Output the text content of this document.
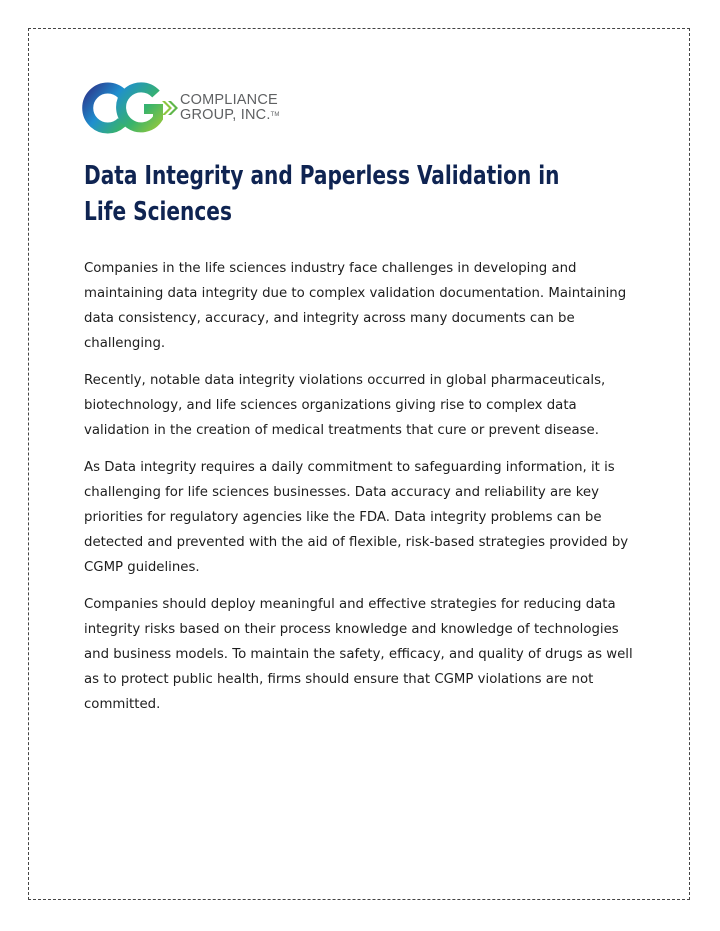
COMPLIANCE
GROUP, INC.™
Data Integrity and Paperless Validation in Life Sciences

Companies in the life sciences industry face challenges in developing and maintaining data integrity due to complex validation documentation. Maintaining data consistency, accuracy, and integrity across many documents can be challenging.

Recently, notable data integrity violations occurred in global pharmaceuticals, biotechnology, and life sciences organizations giving rise to complex data validation in the creation of medical treatments that cure or prevent disease.

As Data integrity requires a daily commitment to safeguarding information, it is challenging for life sciences businesses. Data accuracy and reliability are key priorities for regulatory agencies like the FDA. Data integrity problems can be detected and prevented with the aid of flexible, risk-based strategies provided by CGMP guidelines.

Companies should deploy meaningful and effective strategies for reducing data integrity risks based on their process knowledge and knowledge of technologies and business models. To maintain the safety, efficacy, and quality of drugs as well as to protect public health, firms should ensure that CGMP violations are not committed.
